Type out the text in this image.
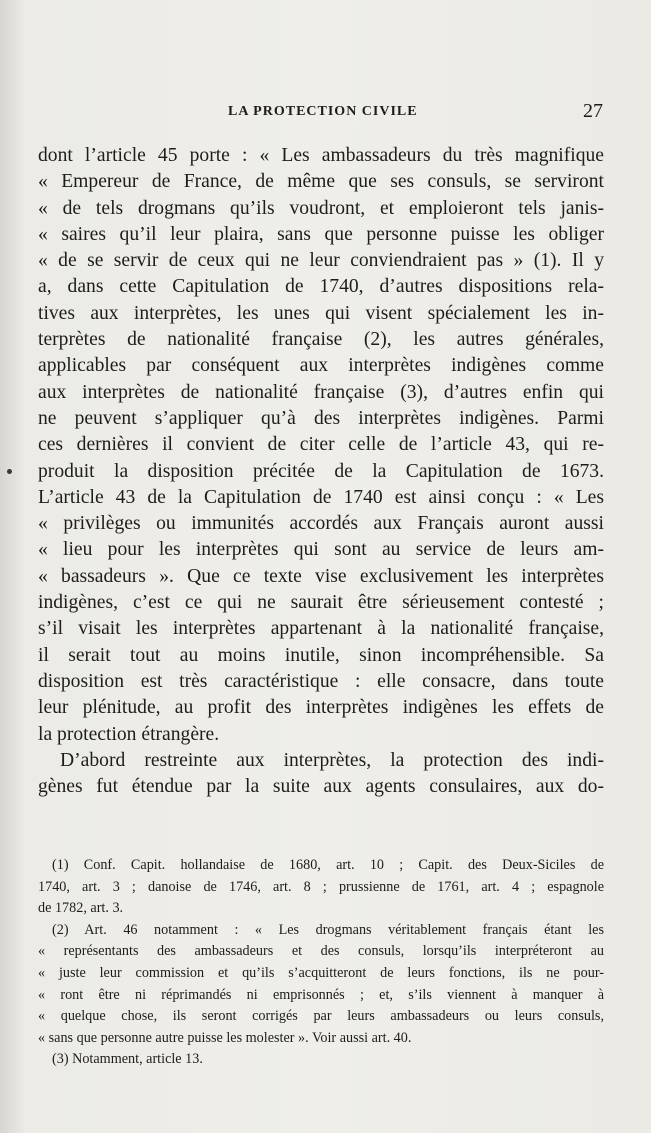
LA PROTECTION CIVILE	27
dont l’article 45 porte : « Les ambassadeurs du très magnifique
« Empereur de France, de même que ses consuls, se serviront
« de tels drogmans qu’ils voudront, et emploieront tels janis-
« saires qu’il leur plaira, sans que personne puisse les obliger
« de se servir de ceux qui ne leur conviendraient pas » (1). Il y
a, dans cette Capitulation de 1740, d’autres dispositions rela-
tives aux interprètes, les unes qui visent spécialement les in-
terprètes de nationalité française (2), les autres générales,
applicables par conséquent aux interprètes indigènes comme
aux interprètes de nationalité française (3), d’autres enfin qui
ne peuvent s’appliquer qu’à des interprètes indigènes. Parmi
ces dernières il convient de citer celle de l’article 43, qui re-
produit la disposition précitée de la Capitulation de 1673.
L’article 43 de la Capitulation de 1740 est ainsi conçu : « Les
« privilèges ou immunités accordés aux Français auront aussi
« lieu pour les interprètes qui sont au service de leurs am-
« bassadeurs ». Que ce texte vise exclusivement les interprètes
indigènes, c’est ce qui ne saurait être sérieusement contesté ;
s’il visait les interprètes appartenant à la nationalité française,
il serait tout au moins inutile, sinon incompréhensible. Sa
disposition est très caractéristique : elle consacre, dans toute
leur plénitude, au profit des interprètes indigènes les effets de
la protection étrangère.
D’abord restreinte aux interprètes, la protection des indi-
gènes fut étendue par la suite aux agents consulaires, aux do-
(1) Conf. Capit. hollandaise de 1680, art. 10 ; Capit. des Deux-Siciles de
1740, art. 3 ; danoise de 1746, art. 8 ; prussienne de 1761, art. 4 ; espagnole
de 1782, art. 3.
(2) Art. 46 notamment : « Les drogmans véritablement français étant les
« représentants des ambassadeurs et des consuls, lorsqu’ils interpréteront au
« juste leur commission et qu’ils s’acquitteront de leurs fonctions, ils ne pour-
« ront être ni réprimandés ni emprisonnés ; et, s’ils viennent à manquer à
« quelque chose, ils seront corrigés par leurs ambassadeurs ou leurs consuls,
« sans que personne autre puisse les molester ». Voir aussi art. 40.
(3) Notamment, article 13.
